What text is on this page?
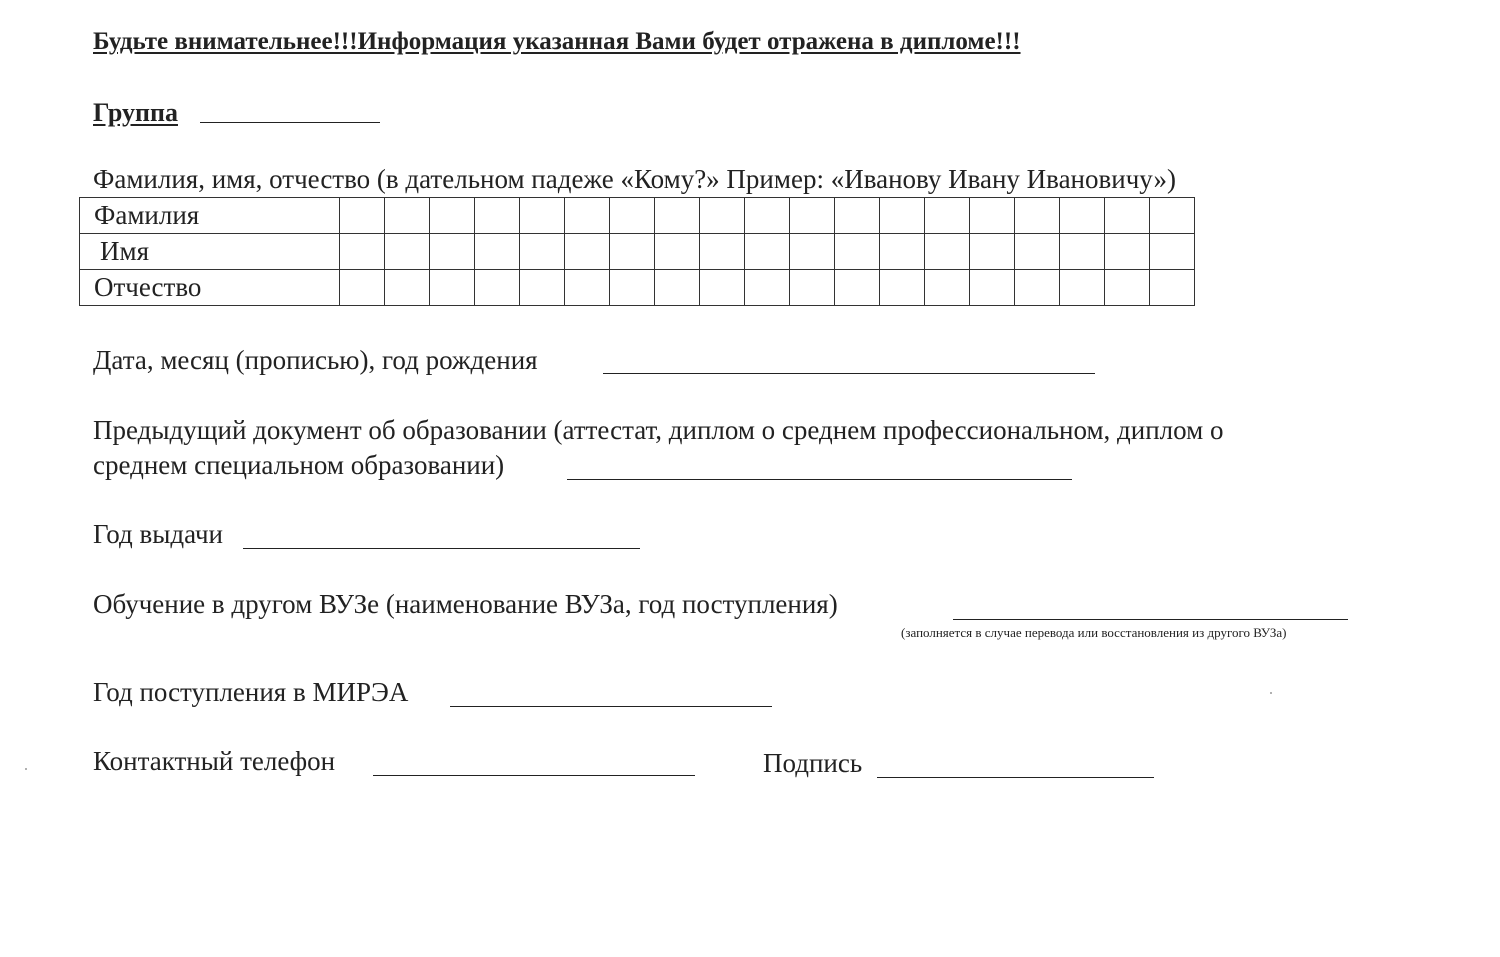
Будьте внимательнее!!!Информация указанная Вами будет отражена в дипломе!!!
Группа
Фамилия, имя, отчество (в дательном падеже «Кому?» Пример: «Иванову Ивану Ивановичу»)
Фамилия																			
Имя																			
Отчество																			
Дата, месяц (прописью), год рождения
Предыдущий документ об образовании (аттестат, диплом о среднем профессиональном, диплом о
среднем специальном образовании)
Год выдачи
Обучение в другом ВУЗе (наименование ВУЗа, год поступления)
(заполняется в случае перевода или восстановления из другого ВУЗа)
Год поступления в МИРЭА
Контактный телефон	Подпись
